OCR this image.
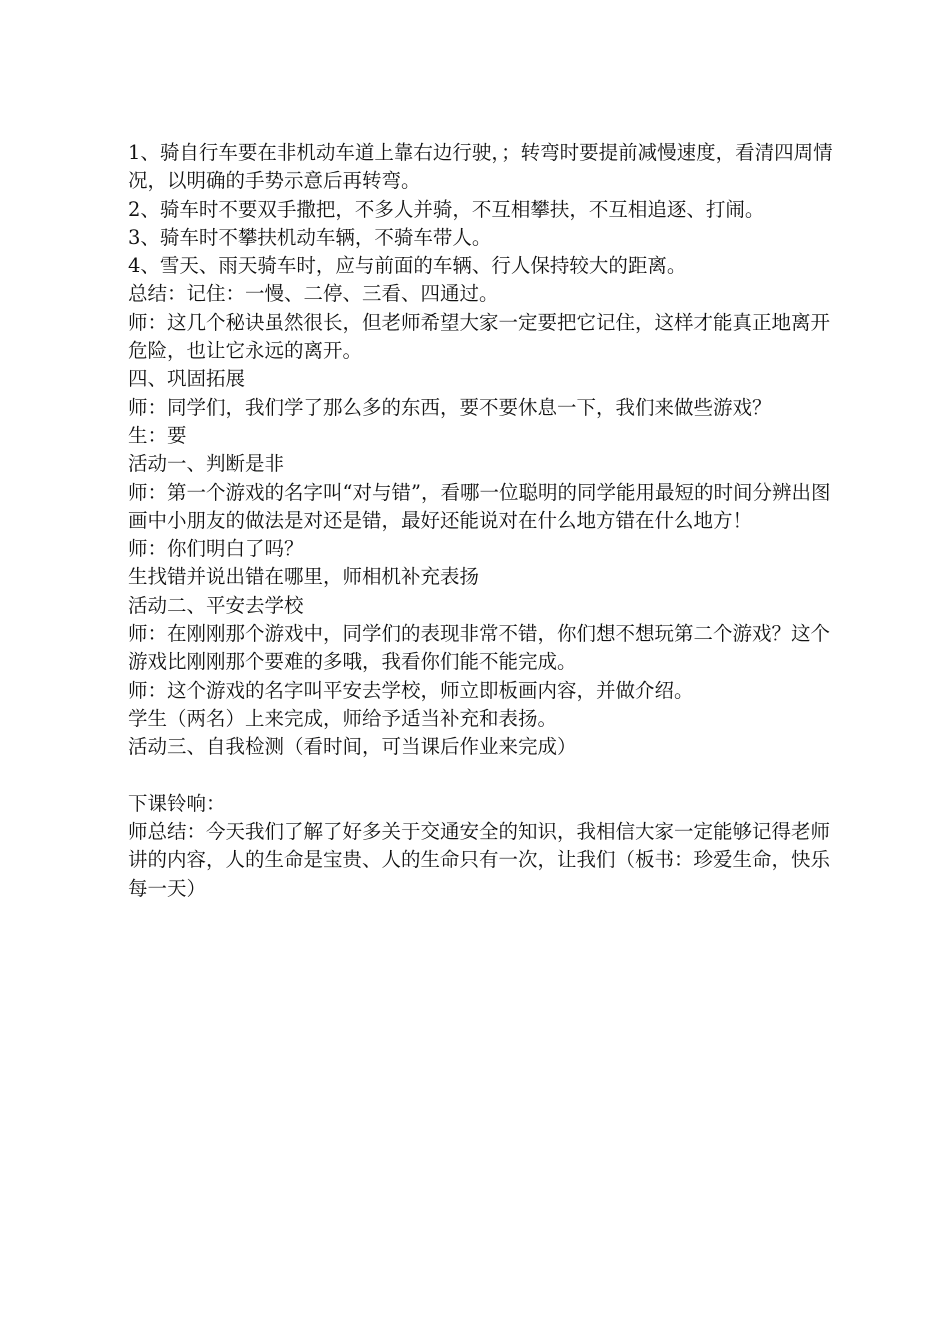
1、骑自行车要在非机动车道上靠右边行驶，；转弯时要提前减慢速度，看清四周情况，以明确的手势示意后再转弯。

2、骑车时不要双手撒把，不多人并骑，不互相攀扶，不互相追逐、打闹。

3、骑车时不攀扶机动车辆，不骑车带人。

4、雪天、雨天骑车时，应与前面的车辆、行人保持较大的距离。

总结：记住：一慢、二停、三看、四通过。

师：这几个秘诀虽然很长，但老师希望大家一定要把它记住，这样才能真正地离开危险，也让它永远的离开。

四、巩固拓展

师：同学们，我们学了那么多的东西，要不要休息一下，我们来做些游戏？

生：要

活动一、判断是非

师：第一个游戏的名字叫“对与错”，看哪一位聪明的同学能用最短的时间分辨出图画中小朋友的做法是对还是错，最好还能说对在什么地方错在什么地方！

师：你们明白了吗？

生找错并说出错在哪里，师相机补充表扬

活动二、平安去学校

师：在刚刚那个游戏中，同学们的表现非常不错，你们想不想玩第二个游戏？这个游戏比刚刚那个要难的多哦，我看你们能不能完成。

师：这个游戏的名字叫平安去学校，师立即板画内容，并做介绍。

学生（两名）上来完成，师给予适当补充和表扬。

活动三、自我检测（看时间，可当课后作业来完成）

下课铃响：

师总结：今天我们了解了好多关于交通安全的知识，我相信大家一定能够记得老师讲的内容，人的生命是宝贵、人的生命只有一次，让我们（板书：珍爱生命，快乐每一天）
